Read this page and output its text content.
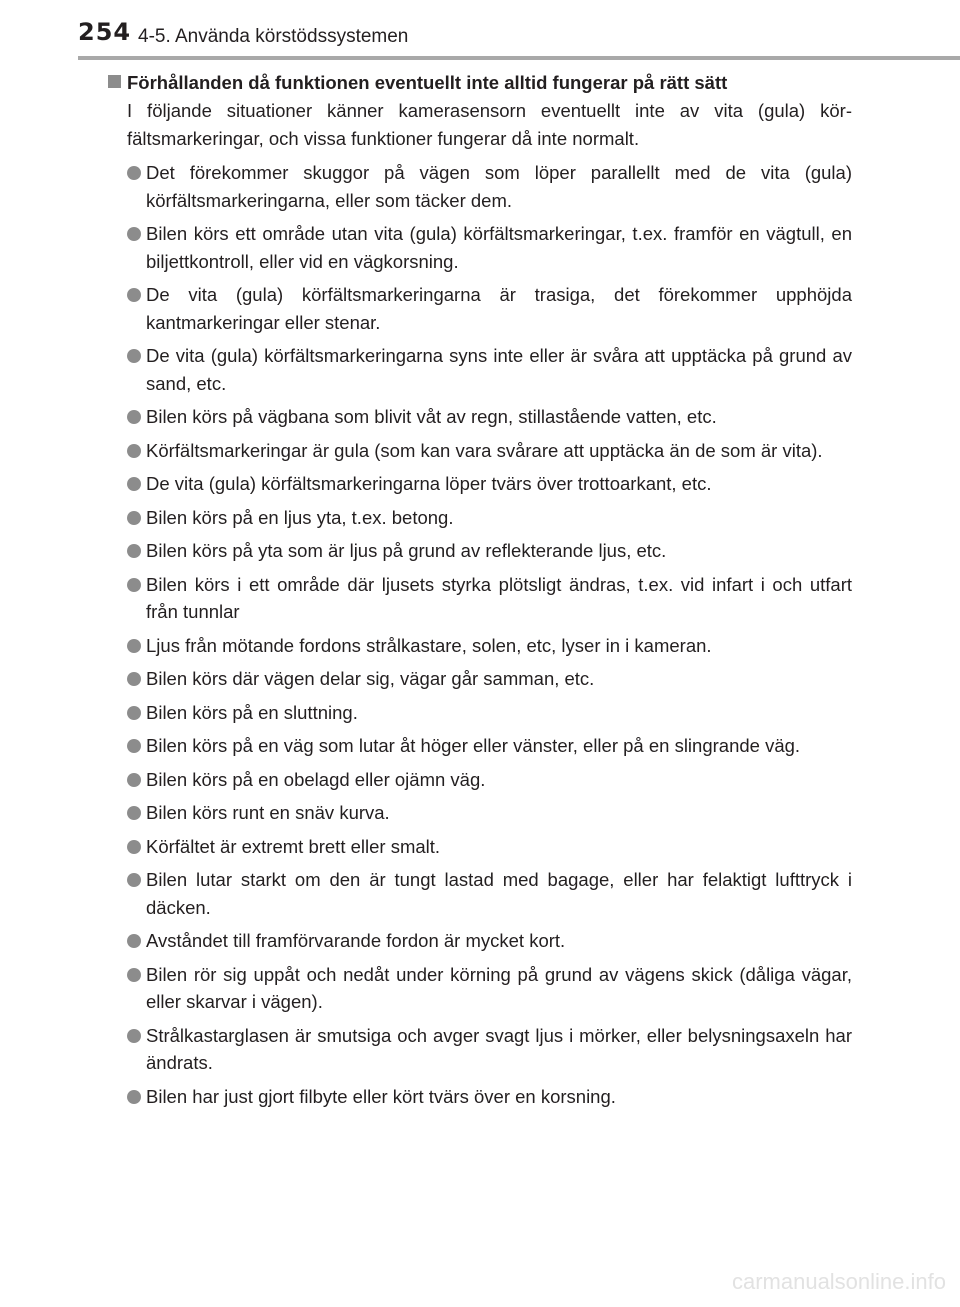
254 4-5. Använda körstödssystemen
Förhållanden då funktionen eventuellt inte alltid fungerar på rätt sätt
I följande situationer känner kamerasensorn eventuellt inte av vita (gula) körfältsmarkeringar, och vissa funktioner fungerar då inte normalt.
Det förekommer skuggor på vägen som löper parallellt med de vita (gula) körfältsmarkeringarna, eller som täcker dem.
Bilen körs ett område utan vita (gula) körfältsmarkeringar, t.ex. framför en vägtull, en biljettkontroll, eller vid en vägkorsning.
De vita (gula) körfältsmarkeringarna är trasiga, det förekommer upphöjda kantmarkeringar eller stenar.
De vita (gula) körfältsmarkeringarna syns inte eller är svåra att upptäcka på grund av sand, etc.
Bilen körs på vägbana som blivit våt av regn, stillastående vatten, etc.
Körfältsmarkeringar är gula (som kan vara svårare att upptäcka än de som är vita).
De vita (gula) körfältsmarkeringarna löper tvärs över trottoarkant, etc.
Bilen körs på en ljus yta, t.ex. betong.
Bilen körs på yta som är ljus på grund av reflekterande ljus, etc.
Bilen körs i ett område där ljusets styrka plötsligt ändras, t.ex. vid infart i och utfart från tunnlar
Ljus från mötande fordons strålkastare, solen, etc, lyser in i kameran.
Bilen körs där vägen delar sig, vägar går samman, etc.
Bilen körs på en sluttning.
Bilen körs på en väg som lutar åt höger eller vänster, eller på en slingrande väg.
Bilen körs på en obelagd eller ojämn väg.
Bilen körs runt en snäv kurva.
Körfältet är extremt brett eller smalt.
Bilen lutar starkt om den är tungt lastad med bagage, eller har felaktigt lufttryck i däcken.
Avståndet till framförvarande fordon är mycket kort.
Bilen rör sig uppåt och nedåt under körning på grund av vägens skick (dåliga vägar, eller skarvar i vägen).
Strålkastarglasen är smutsiga och avger svagt ljus i mörker, eller belysningsaxeln har ändrats.
Bilen har just gjort filbyte eller kört tvärs över en korsning.
carmanualsonline.info
